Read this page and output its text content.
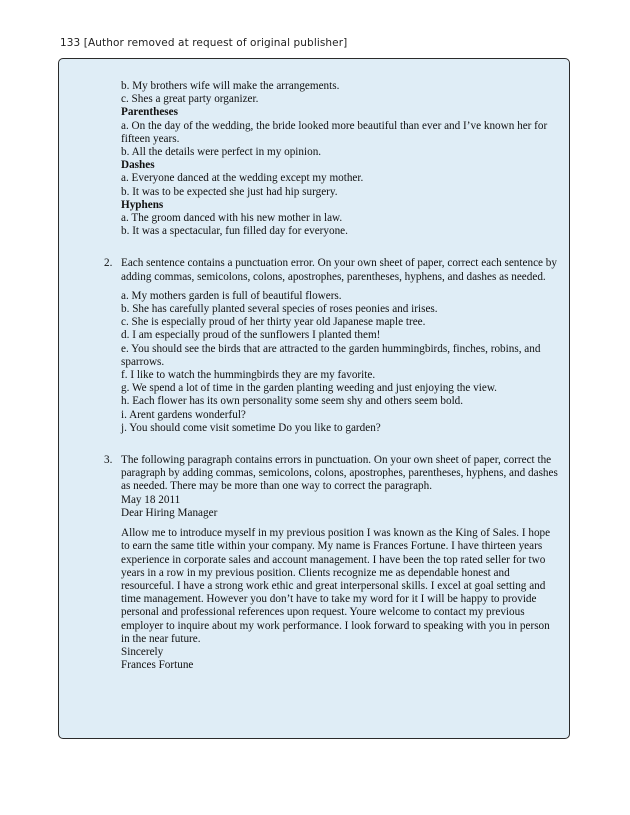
133 [Author removed at request of original publisher]

b. My brothers wife will make the arrangements.

c. Shes a great party organizer.

Parentheses

a. On the day of the wedding, the bride looked more beautiful than ever and I’ve known her for

fifteen years.

b. All the details were perfect in my opinion.

Dashes

a. Everyone danced at the wedding except my mother.

b. It was to be expected she just had hip surgery.

Hyphens

a. The groom danced with his new mother in law.

b. It was a spectacular, fun filled day for everyone.

2. Each sentence contains a punctuation error. On your own sheet of paper, correct each sentence by

adding commas, semicolons, colons, apostrophes, parentheses, hyphens, and dashes as needed.

a. My mothers garden is full of beautiful flowers.

b. She has carefully planted several species of roses peonies and irises.

c. She is especially proud of her thirty year old Japanese maple tree.

d. I am especially proud of the sunflowers I planted them!

e. You should see the birds that are attracted to the garden hummingbirds, finches, robins, and

sparrows.

f. I like to watch the hummingbirds they are my favorite.

g. We spend a lot of time in the garden planting weeding and just enjoying the view.

h. Each flower has its own personality some seem shy and others seem bold.

i. Arent gardens wonderful?

j. You should come visit sometime Do you like to garden?

3. The following paragraph contains errors in punctuation. On your own sheet of paper, correct the

paragraph by adding commas, semicolons, colons, apostrophes, parentheses, hyphens, and dashes

as needed. There may be more than one way to correct the paragraph.

May 18 2011

Dear Hiring Manager

Allow me to introduce myself in my previous position I was known as the King of Sales. I hope

to earn the same title within your company. My name is Frances Fortune. I have thirteen years

experience in corporate sales and account management. I have been the top rated seller for two

years in a row in my previous position. Clients recognize me as dependable honest and

resourceful. I have a strong work ethic and great interpersonal skills. I excel at goal setting and

time management. However you don’t have to take my word for it I will be happy to provide

personal and professional references upon request. Youre welcome to contact my previous

employer to inquire about my work performance. I look forward to speaking with you in person

in the near future.

Sincerely

Frances Fortune
